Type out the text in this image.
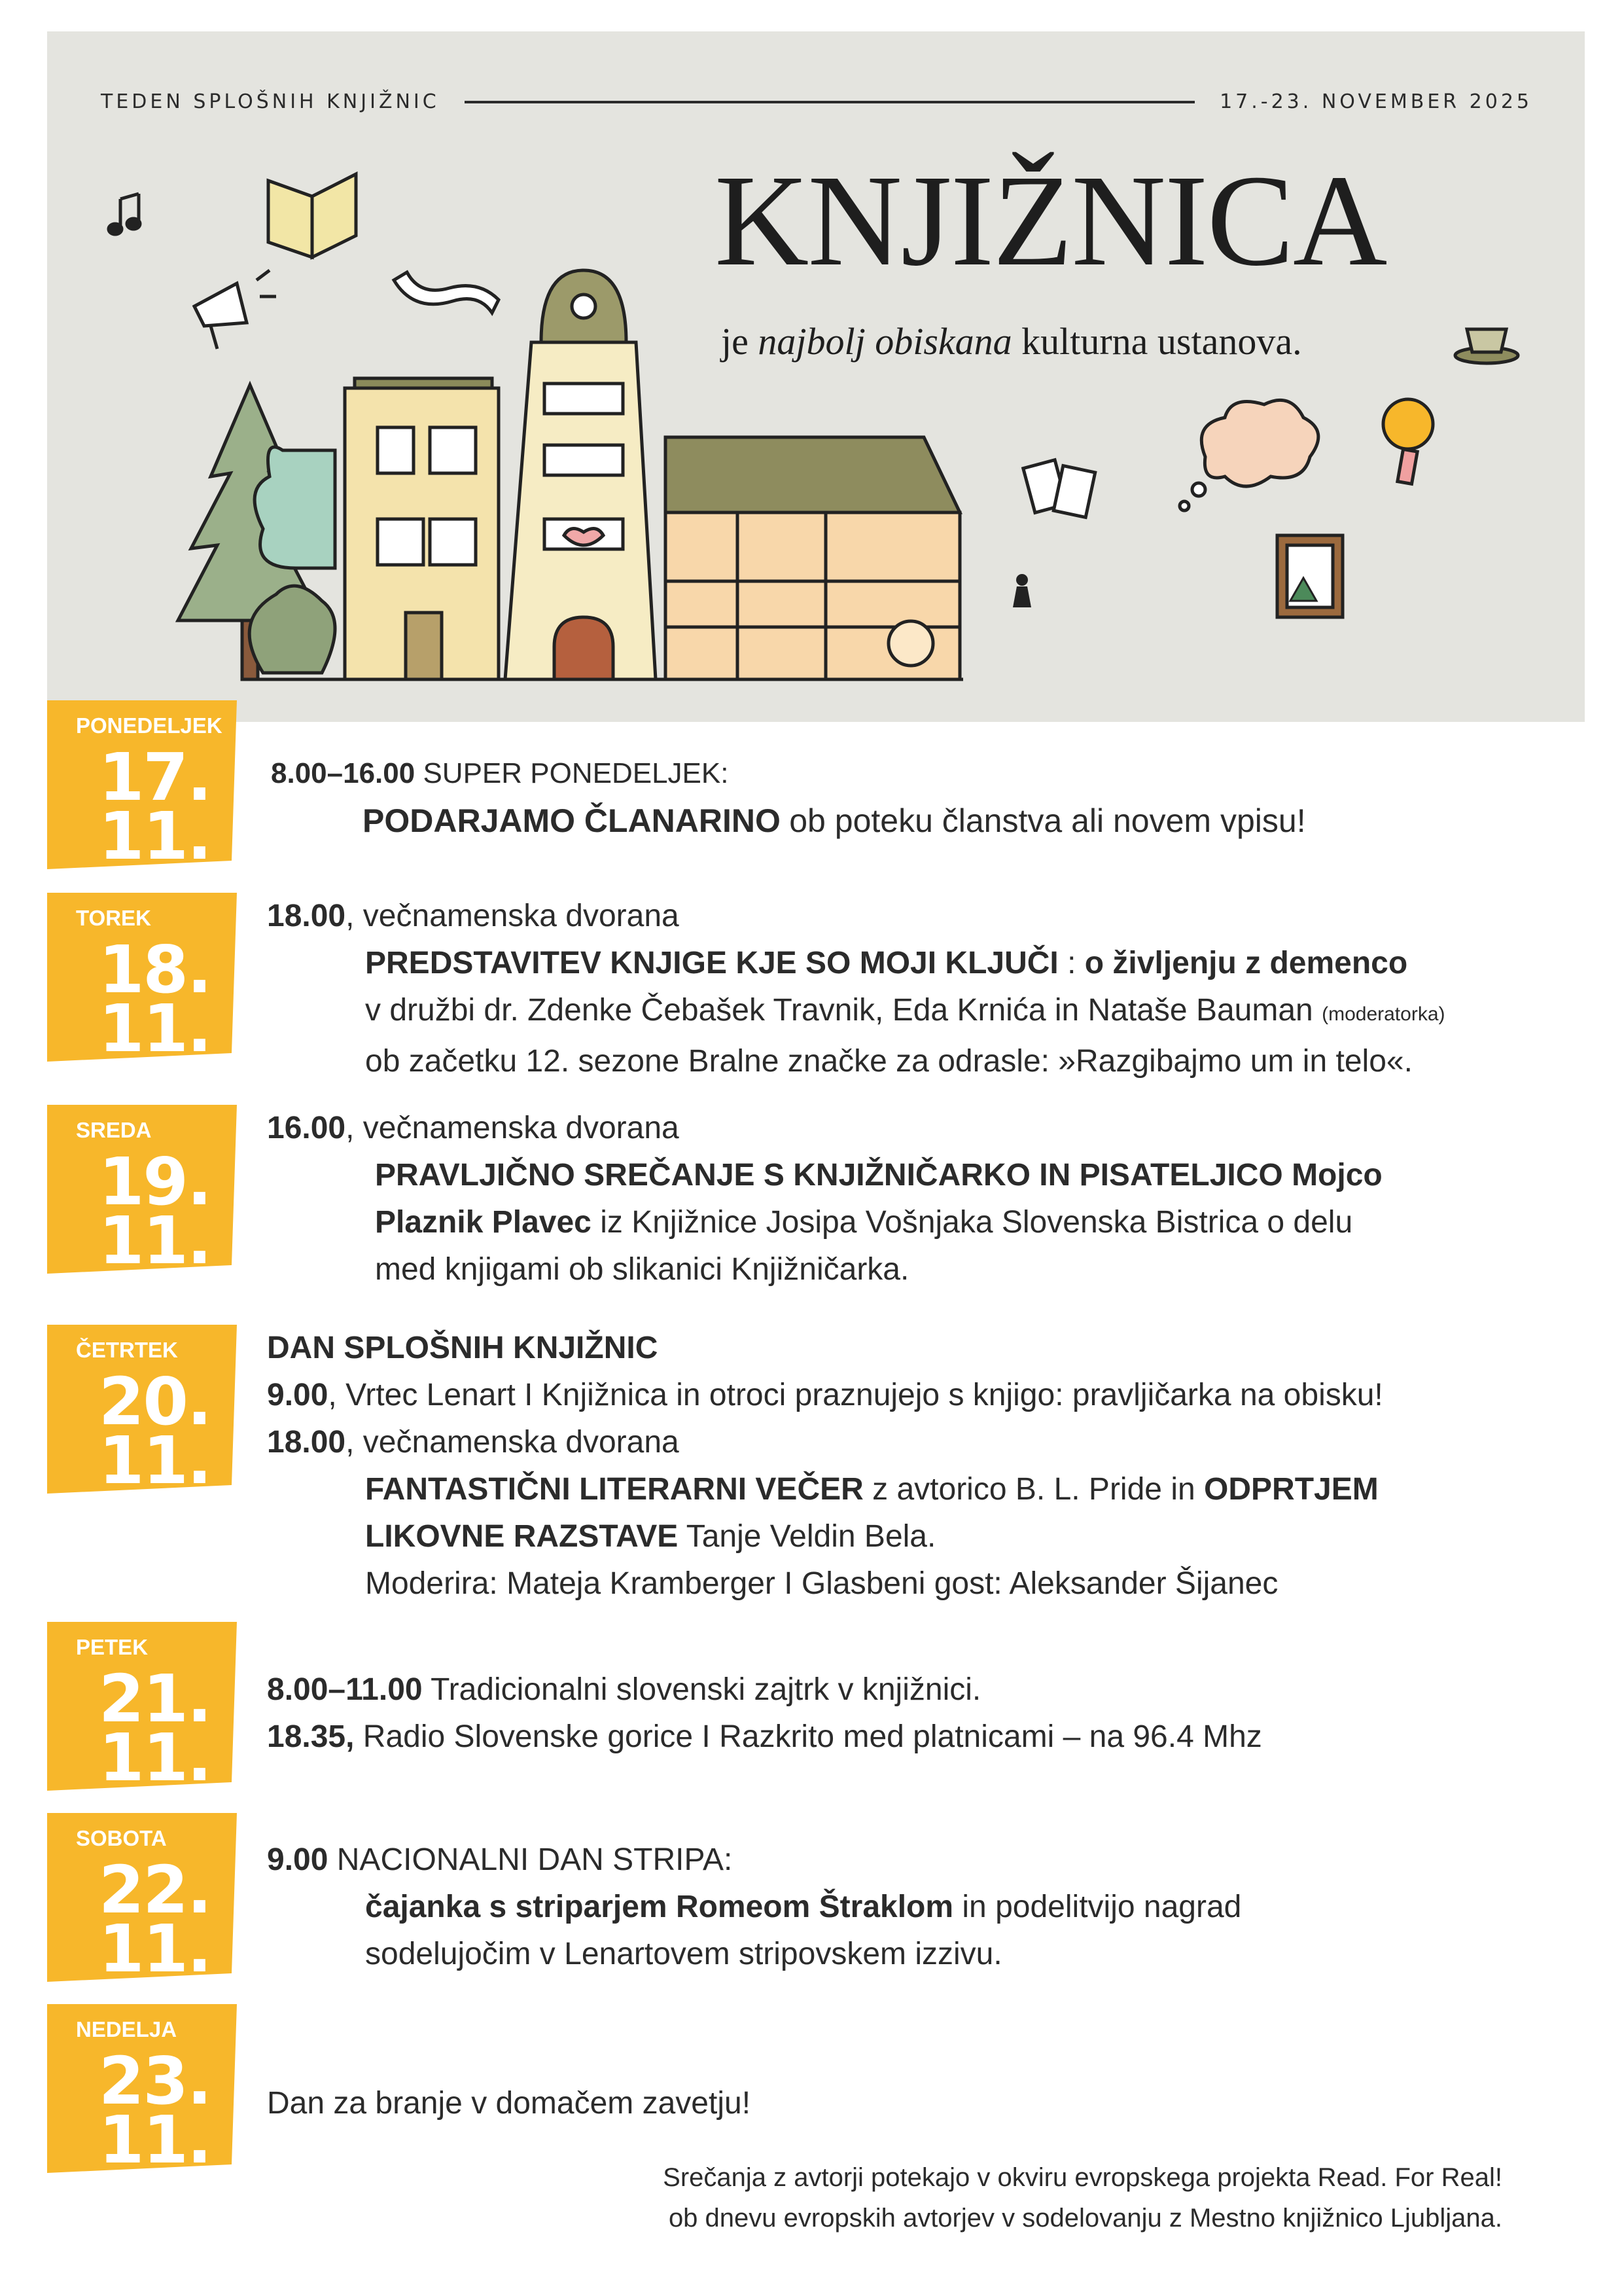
TEDEN SPLOŠNIH KNJIŽNIC	17.-23. NOVEMBER 2025
KNJIŽNICA
je najbolj obiskana kulturna ustanova.
PONEDELJEK
17.
11.
8.00–16.00 SUPER PONEDELJEK:
PODARJAMO ČLANARINO ob poteku članstva ali novem vpisu!
TOREK
18.
11.
18.00, večnamenska dvorana
PREDSTAVITEV KNJIGE KJE SO MOJI KLJUČI : o življenju z demenco
v družbi dr. Zdenke Čebašek Travnik, Eda Krnića in Nataše Bauman (moderatorka)
ob začetku 12. sezone Bralne značke za odrasle: »Razgibajmo um in telo«.
SREDA
19.
11.
16.00, večnamenska dvorana
PRAVLJIČNO SREČANJE S KNJIŽNIČARKO IN PISATELJICO Mojco
Plaznik Plavec iz Knjižnice Josipa Vošnjaka Slovenska Bistrica o delu
med knjigami ob slikanici Knjižničarka.
ČETRTEK
20.
11.
DAN SPLOŠNIH KNJIŽNIC
9.00, Vrtec Lenart I Knjižnica in otroci praznujejo s knjigo: pravljičarka na obisku!
18.00, večnamenska dvorana
FANTASTIČNI LITERARNI VEČER z avtorico B. L. Pride in ODPRTJEM
LIKOVNE RAZSTAVE Tanje Veldin Bela.
Moderira: Mateja Kramberger I Glasbeni gost: Aleksander Šijanec
PETEK
21.
11.
8.00–11.00 Tradicionalni slovenski zajtrk v knjižnici.
18.35, Radio Slovenske gorice I Razkrito med platnicami – na 96.4 Mhz
SOBOTA
22.
11.
9.00 NACIONALNI DAN STRIPA:
čajanka s striparjem Romeom Štraklom in podelitvijo nagrad
sodelujočim v Lenartovem stripovskem izzivu.
NEDELJA
23.
11. Dan za branje v domačem zavetju!
Srečanja z avtorji potekajo v okviru evropskega projekta Read. For Real!
ob dnevu evropskih avtorjev v sodelovanju z Mestno knjižnico Ljubljana.
